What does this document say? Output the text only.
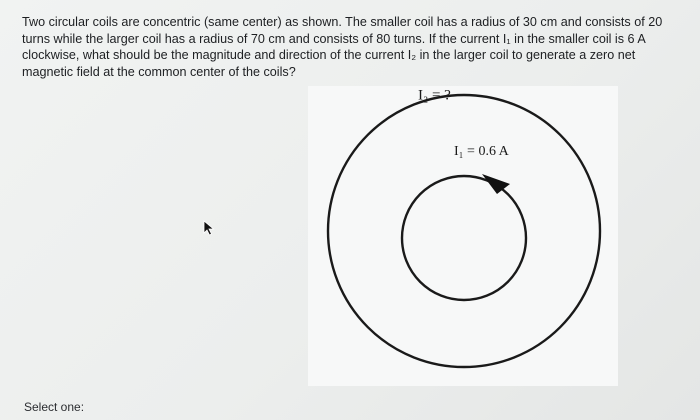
Two circular coils are concentric (same center) as shown. The smaller coil has a radius of 30 cm and consists of 20 turns while the larger coil has a radius of 70 cm and consists of 80 turns. If the current I₁ in the smaller coil is 6 A clockwise, what should be the magnitude and direction of the current I₂ in the larger coil to generate a zero net magnetic field at the common center of the coils?
I₂ = ?
I₁ = 0.6 A
Select one:
